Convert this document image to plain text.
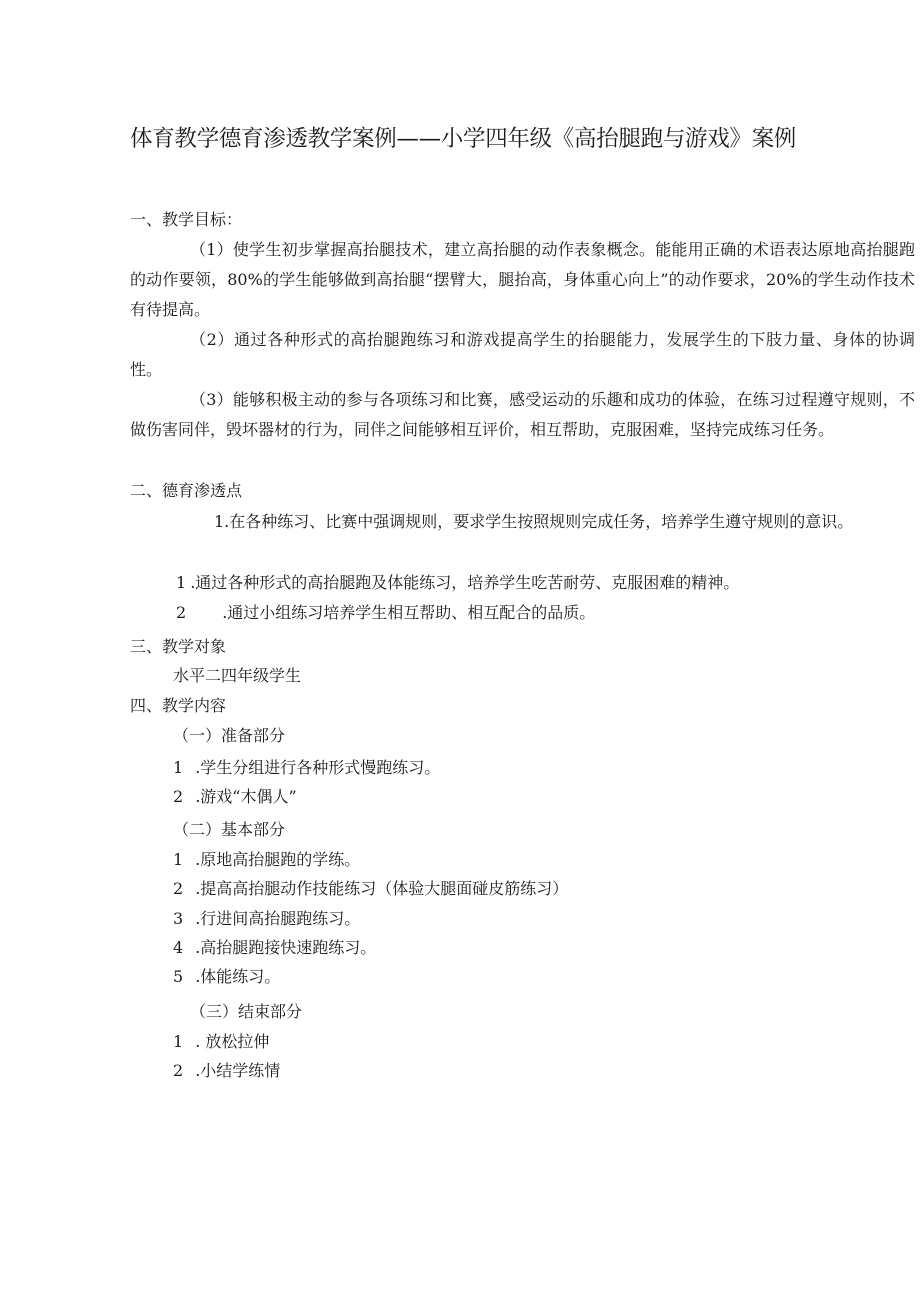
体育教学德育渗透教学案例——小学四年级《高抬腿跑与游戏》案例
一、教学目标：

（1）使学生初步掌握高抬腿技术，建立高抬腿的动作表象概念。能能用正确的术语表达原地高抬腿跑的动作要领，80%的学生能够做到高抬腿“摆臂大，腿抬高，身体重心向上”的动作要求，20%的学生动作技术有待提高。

（2）通过各种形式的高抬腿跑练习和游戏提高学生的抬腿能力，发展学生的下肢力量、身体的协调性。

（3）能够积极主动的参与各项练习和比赛，感受运动的乐趣和成功的体验，在练习过程遵守规则，不做伤害同伴，毁坏器材的行为，同伴之间能够相互评价，相互帮助，克服困难，坚持完成练习任务。

二、德育渗透点

1.在各种练习、比赛中强调规则，要求学生按照规则完成任务，培养学生遵守规则的意识。

1 .通过各种形式的高抬腿跑及体能练习，培养学生吃苦耐劳、克服困难的精神。
2 .通过小组练习培养学生相互帮助、相互配合的品质。
三、教学对象
水平二四年级学生
四、教学内容
（一）准备部分
1 .学生分组进行各种形式慢跑练习。
2 .游戏“木偶人”
（二）基本部分
1 .原地高抬腿跑的学练。
2 .提高高抬腿动作技能练习（体验大腿面碰皮筋练习）
3 .行进间高抬腿跑练习。
4 .高抬腿跑接快速跑练习。
5 .体能练习。
（三）结束部分
1 . 放松拉伸
2 .小结学练情
